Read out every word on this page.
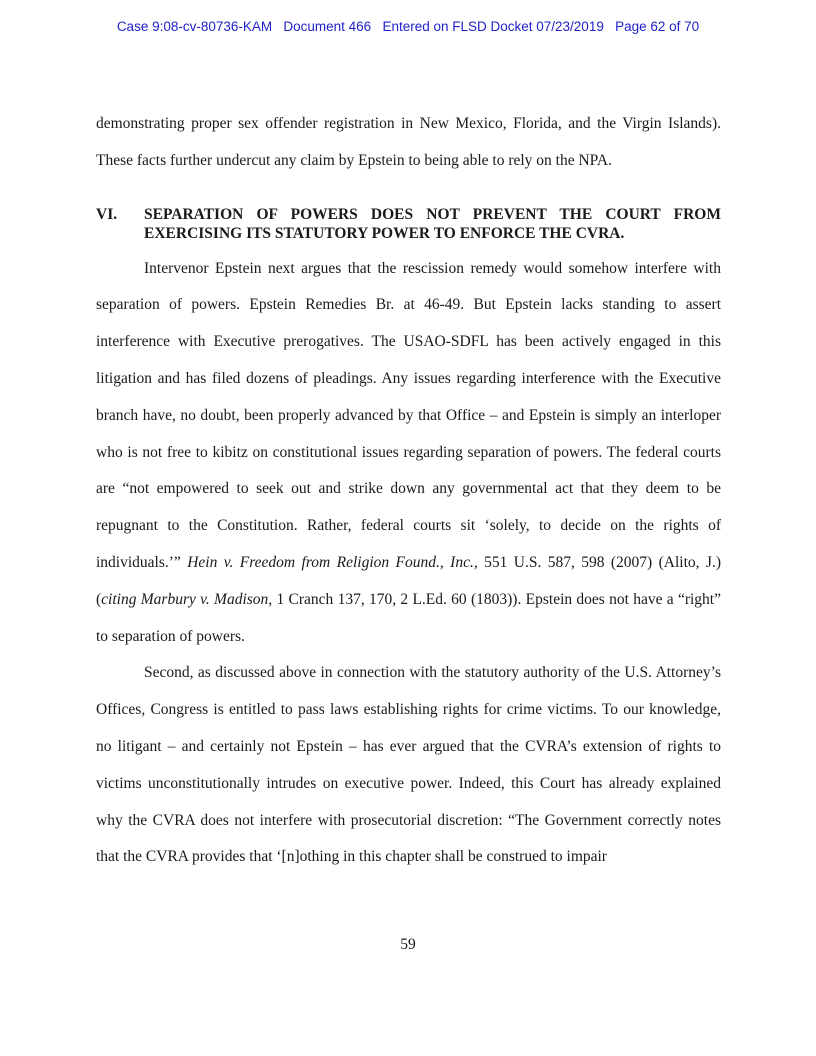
Case 9:08-cv-80736-KAM   Document 466   Entered on FLSD Docket 07/23/2019   Page 62 of 70

demonstrating proper sex offender registration in New Mexico, Florida, and the Virgin Islands). These facts further undercut any claim by Epstein to being able to rely on the NPA.

VI.	SEPARATION OF POWERS DOES NOT PREVENT THE COURT FROM EXERCISING ITS STATUTORY POWER TO ENFORCE THE CVRA.

Intervenor Epstein next argues that the rescission remedy would somehow interfere with separation of powers. Epstein Remedies Br. at 46-49. But Epstein lacks standing to assert interference with Executive prerogatives. The USAO-SDFL has been actively engaged in this litigation and has filed dozens of pleadings. Any issues regarding interference with the Executive branch have, no doubt, been properly advanced by that Office – and Epstein is simply an interloper who is not free to kibitz on constitutional issues regarding separation of powers. The federal courts are “not empowered to seek out and strike down any governmental act that they deem to be repugnant to the Constitution. Rather, federal courts sit ‘solely, to decide on the rights of individuals.’” Hein v. Freedom from Religion Found., Inc., 551 U.S. 587, 598 (2007) (Alito, J.) (citing Marbury v. Madison, 1 Cranch 137, 170, 2 L.Ed. 60 (1803)). Epstein does not have a “right” to separation of powers.

Second, as discussed above in connection with the statutory authority of the U.S. Attorney’s Offices, Congress is entitled to pass laws establishing rights for crime victims. To our knowledge, no litigant – and certainly not Epstein – has ever argued that the CVRA’s extension of rights to victims unconstitutionally intrudes on executive power. Indeed, this Court has already explained why the CVRA does not interfere with prosecutorial discretion: “The Government correctly notes that the CVRA provides that ‘[n]othing in this chapter shall be construed to impair

59
